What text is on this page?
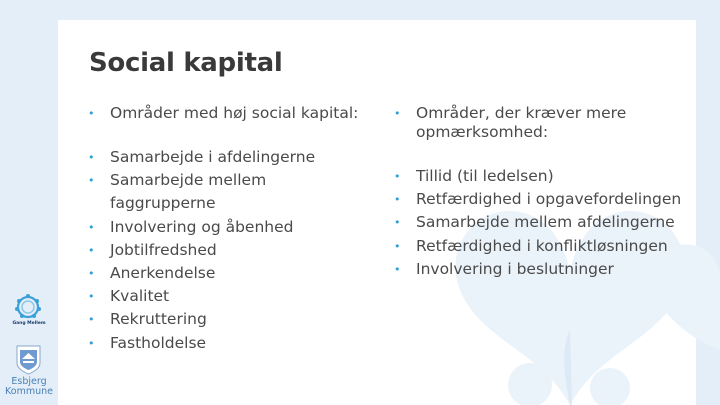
Social kapital
•	Områder med høj social kapital:
•	Samarbejde i afdelingerne
•	Samarbejde mellem faggrupperne
•	Involvering og åbenhed
•	Jobtilfredshed
•	Anerkendelse
•	Kvalitet
•	Rekruttering
•	Fastholdelse
•	Områder, der kræver mere opmærksomhed:
•	Tillid (til ledelsen)
•	Retfærdighed i opgavefordelingen
•	Samarbejde mellem afdelingerne
•	Retfærdighed i konfliktløsningen
•	Involvering i beslutninger
Gang Mellem
Esbjerg Kommune
